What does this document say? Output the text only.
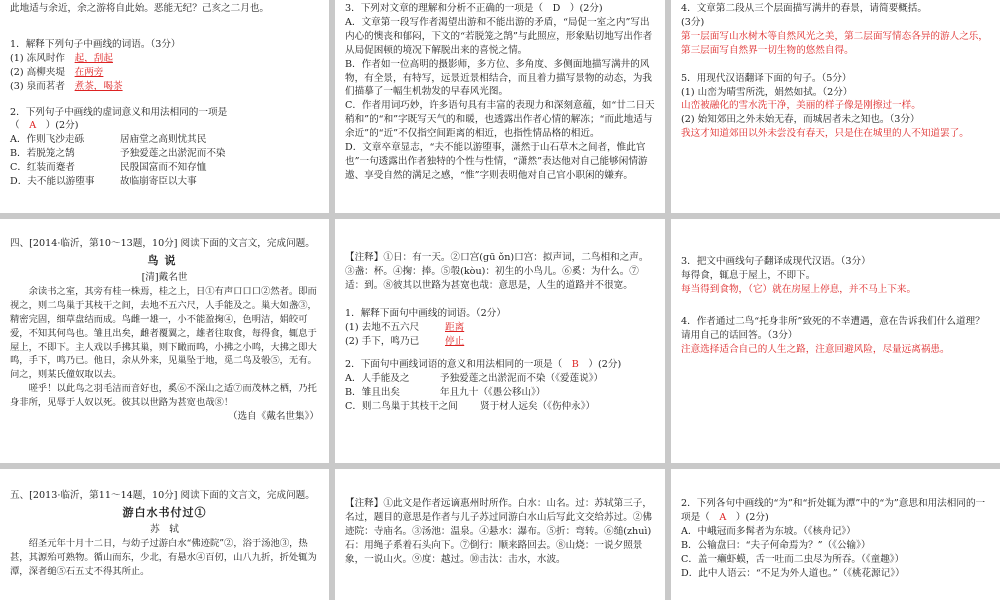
此地适与余近，余之游将自此始。恶能无纪？己亥之二月也。

1．解释下列句子中画线的词语。（3分）

(1) 冻风时作　 起，刮起

(2) 高柳夹堤　 在两旁

(3) 泉而茗者　 煮茶，喝茶

2．下列句子中画线的虚词意义和用法相同的一项是

（　 A　 ）(2分)

A．作则飞沙走砾	居庙堂之高则忧其民

B．若脱笼之鹄	予独爱莲之出淤泥而不染

C．红装而蹇者	民殷国富而不知存恤

D．夫不能以游堕事	故临崩寄臣以大事

3．下列对文章的理解和分析不正确的一项是（　D　）(2分)

A．文章第一段写作者渴望出游和不能出游的矛盾，“局促一室之内”写出内心的懊丧和郁闷，下文的“若脱笼之鹄”与此照应，形象贴切地写出作者从局促困顿的境况下解脱出来的喜悦之情。

B．作者如一位高明的摄影师，多方位、多角度、多侧面地描写满井的风物，有全景，有特写，远景近景相结合，而且着力描写景物的动态，为我们描摹了一幅生机勃发的早春风光图。

C．作者用词巧妙，许多语句具有丰富的表现力和深刻意蕴，如“廿二日天稍和”的“和”字既写天气的和暖，也透露出作者心情的解冻；“而此地适与余近”的“近”不仅指空间距离的相近，也指性情品格的相近。

D．文章卒章显志，“夫不能以游堕事，潇然于山石草木之间者，惟此官也”一句透露出作者独特的个性与性情，“潇然”表达他对自己能够闲情游遨、享受自然的满足之感，“惟”字则表明他对自己官小职闲的嫌弃。

4．文章第二段从三个层面描写满井的春景，请简要概括。

(3分)

第一层面写山水树木等自然风光之美，第二层面写情态各异的游人之乐，第三层面写自然界一切生物的悠然自得。

5．用现代汉语翻译下面的句子。（5分）

(1) 山峦为晴雪所洗，娟然如拭。（2分）

山峦被融化的雪水洗干净，美丽的样子像是刚擦过一样。

(2) 始知郊田之外未始无春，而城居者未之知也。（3分）

我这才知道郊田以外未尝没有春天，只是住在城里的人不知道罢了。

四、[2014·临沂，第10～13题，10分] 阅读下面的文言文，完成问题。

鸟说

[清]戴名世

余读书之室，其旁有桂一株焉，桂之上，日①有声口口口②然者。即而视之，则二鸟巢于其枝干之间，去地不五六尺，人手能及之。巢大如盏③，精密完固，细草盘结而成。鸟雌一雄一，小不能盈掬④，色明洁，娟皎可爱，不知其何鸟也。雏且出矣，雌者覆翼之，雄者往取食，每得食，辄息于屋上，不即下。主人戏以手拂其巢，则下瞰而鸣，小拂之小鸣，大拂之即大鸣，手下，鸣乃已。他日，余从外来，见巢坠于地，觅二鸟及彀⑤，无有。问之，则某氏僮奴取以去。

嗟乎！以此鸟之羽毛洁而音好也，奚⑥不深山之适⑦而茂林之栖，乃托身非所，见辱于人奴以死。彼其以世路为甚宽也哉⑧！

（选自《戴名世集》）

【注释】①日：有一天。②口宫(gū ǒn)口宫：拟声词，二鸟相和之声。③盏：杯。④掬：捧。⑤彀(kòu)：初生的小鸟儿。⑥奚：为什么。⑦适：到。⑧彼其以世路为甚宽也哉：意思是，人生的道路并不很宽。

1．解释下面句中画线的词语。（2分）

(1) 去地不五六尺	距离

(2) 手下，鸣乃已	停止

2．下面句中画线词语的意义和用法相同的一项是（　B　）(2分)

A．人手能及之	予独爱莲之出淤泥而不染（《爱莲说》）

B．雏且出矣	年且九十（《愚公移山》）

C．则二鸟巢于其枝干之间 贤于材人远矣（《伤仲永》）

3．把文中画线句子翻译成现代汉语。（3分）

每得食，辄息于屋上，不即下。

每当得到食物，（它）就在房屋上停息，并不马上下来。

4．作者通过二鸟“托身非所”致死的不幸遭遇，意在告诉我们什么道理？请用自己的话回答。（3分）

注意选择适合自己的人生之路，注意回避风险，尽量远离祸患。

五、[2013·临沂，第11～14题，10分] 阅读下面的文言文，完成问题。

游白水书付过①

苏　轼

绍圣元年十月十二日，与幼子过游白水“佛迹院”②，浴于汤池③，热甚，其源殆可熟物。循山而东，少北，有悬水④百仞，山八九折，折处辄为潭，深者缒⑤石五丈不得其所止。

【注释】①此文是作者远谪惠州时所作。白水：山名。过：苏轼第三子，名过，题目的意思是作者与儿子苏过同游白水山后写此文交给苏过。②佛迹院：寺庙名。③汤池：温泉。④悬水：瀑布。⑤折：弯转。⑥缒(zhuì)石：用绳子系着石头向下。⑦倒行：顺来路回去。⑧山烧：一说夕照景象，一说山火。⑨度：越过。⑩击汰：击水，水波。

2．下列各句中画线的“为”和“折处辄为潭”中的“为”意思和用法相同的一项是（　A　）(2分)

A．中峨冠而多髯者为东坡。（《核舟记》）

B．公输盘曰：“夫子何命焉为？”（《公输》）

C．盖一癞虾蟆，舌一吐而二虫尽为所吞。（《童趣》）

D．此中人语云：“不足为外人道也。”（《桃花源记》）
